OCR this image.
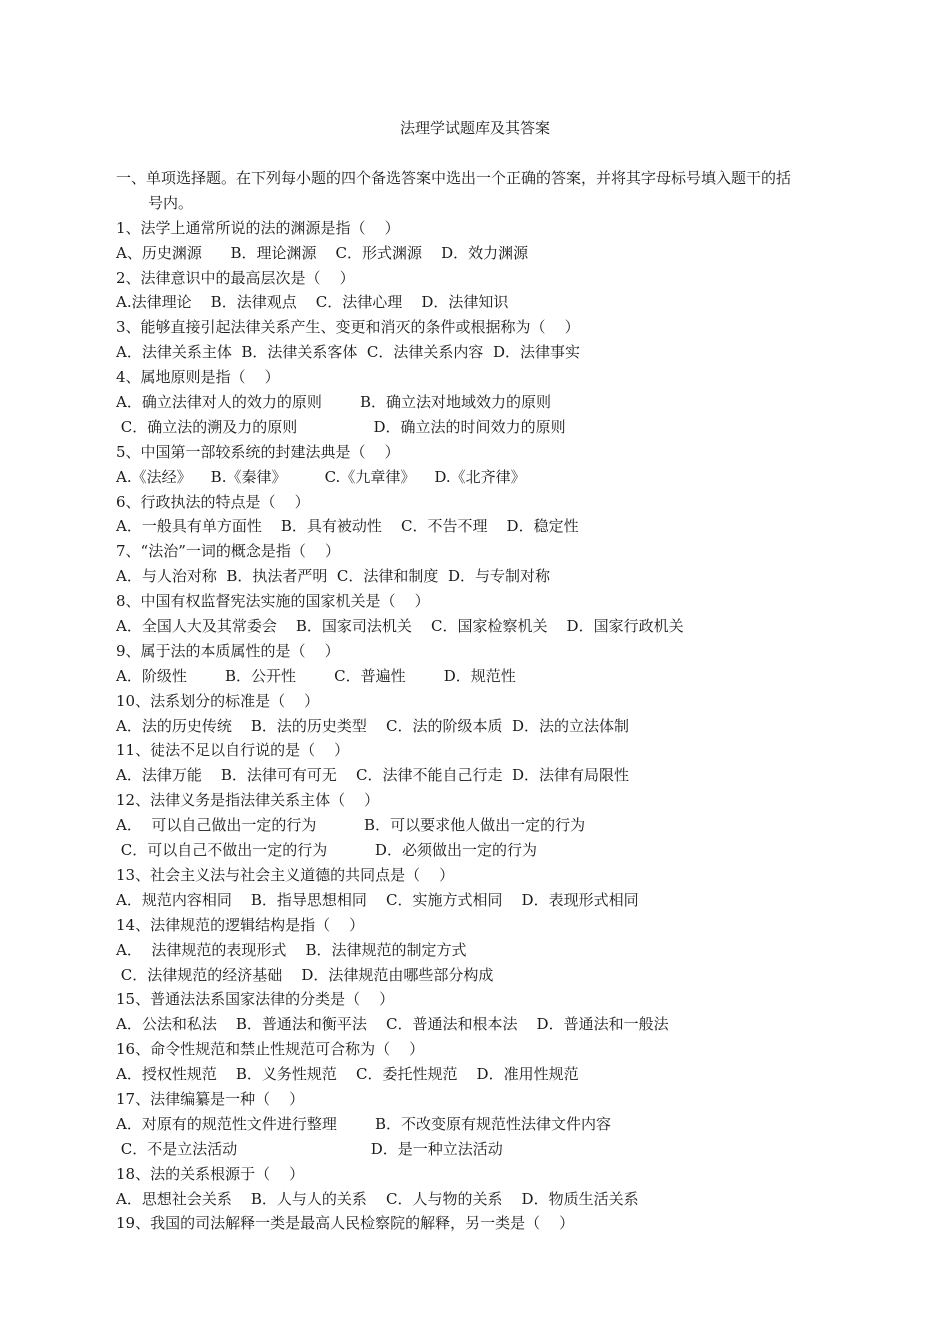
法理学试题库及其答案
一、单项选择题。在下列每小题的四个备选答案中选出一个正确的答案，并将其字母标号填入题干的括
号内。
1、法学上通常所说的法的渊源是指（    ）
A、历史渊源      B．理论渊源    C．形式渊源    D．效力渊源
2、法律意识中的最高层次是（    ）
A.法律理论    B．法律观点    C．法律心理    D．法律知识
3、能够直接引起法律关系产生、变更和消灭的条件或根据称为（    ）
A．法律关系主体  B．法律关系客体  C．法律关系内容  D．法律事实
4、属地原则是指（    ）
A．确立法律对人的效力的原则        B．确立法对地域效力的原则
C．确立法的溯及力的原则                D．确立法的时间效力的原则
5、中国第一部较系统的封建法典是（    ）
A.《法经》    B.《秦律》        C.《九章律》    D.《北齐律》
6、行政执法的特点是（    ）
A．一般具有单方面性    B．具有被动性    C．不告不理    D．稳定性
7、“法治”一词的概念是指（    ）
A．与人治对称  B．执法者严明  C．法律和制度  D．与专制对称
8、中国有权监督宪法实施的国家机关是（    ）
A．全国人大及其常委会    B．国家司法机关    C．国家检察机关    D．国家行政机关
9、属于法的本质属性的是（    ）
A．阶级性        B．公开性        C．普遍性        D．规范性
10、法系划分的标准是（    ）
A．法的历史传统    B．法的历史类型    C．法的阶级本质  D．法的立法体制
11、徒法不足以自行说的是（    ）
A．法律万能    B．法律可有可无    C．法律不能自己行走  D．法律有局限性
12、法律义务是指法律关系主体（    ）
A．  可以自己做出一定的行为          B．可以要求他人做出一定的行为
C．可以自己不做出一定的行为          D．必须做出一定的行为
13、社会主义法与社会主义道德的共同点是（    ）
A．规范内容相同    B．指导思想相同    C．实施方式相同    D．表现形式相同
14、法律规范的逻辑结构是指（    ）
A．  法律规范的表现形式    B．法律规范的制定方式
C．法律规范的经济基础    D．法律规范由哪些部分构成
15、普通法法系国家法律的分类是（    ）
A．公法和私法    B．普通法和衡平法    C．普通法和根本法    D．普通法和一般法
16、命令性规范和禁止性规范可合称为（    ）
A．授权性规范    B．义务性规范    C．委托性规范    D．准用性规范
17、法律编纂是一种（    ）
A．对原有的规范性文件进行整理        B．不改变原有规范性法律文件内容
C．不是立法活动                            D．是一种立法活动
18、法的关系根源于（    ）
A．思想社会关系    B．人与人的关系    C．人与物的关系    D．物质生活关系
19、我国的司法解释一类是最高人民检察院的解释，另一类是（    ）
